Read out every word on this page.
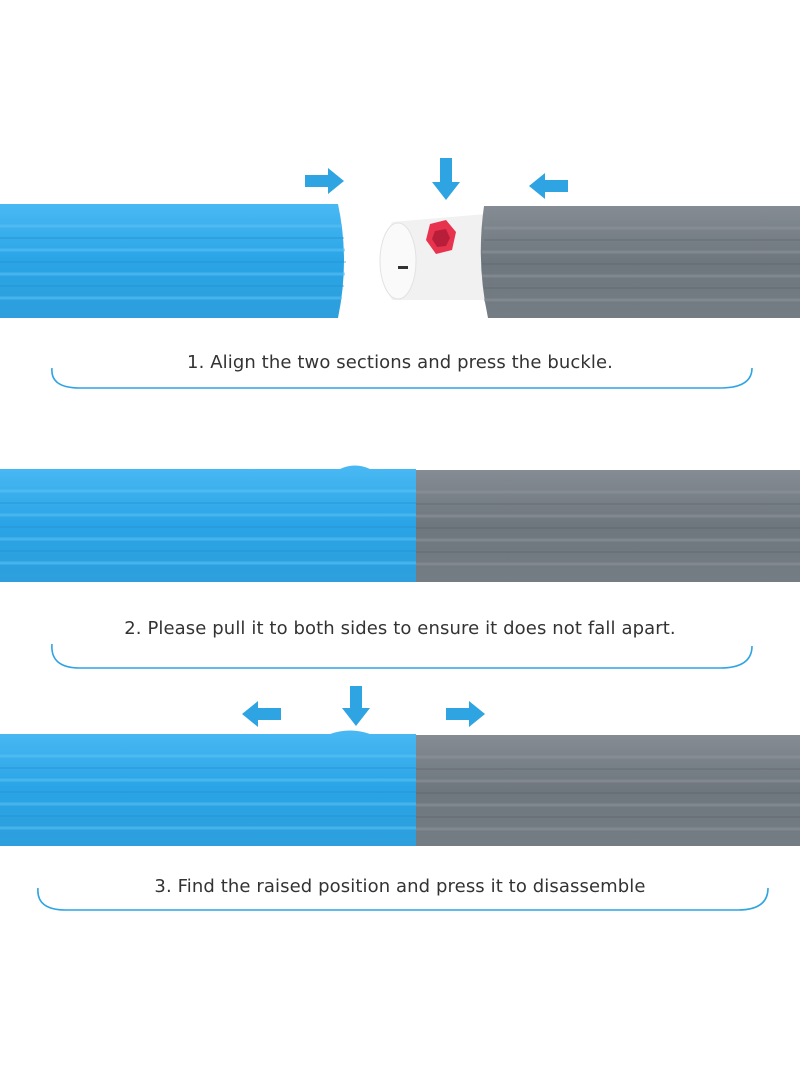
1. Align the two sections and press the buckle.
2. Please pull it to both sides to ensure it does not fall apart.
3. Find the raised position and press it to disassemble
